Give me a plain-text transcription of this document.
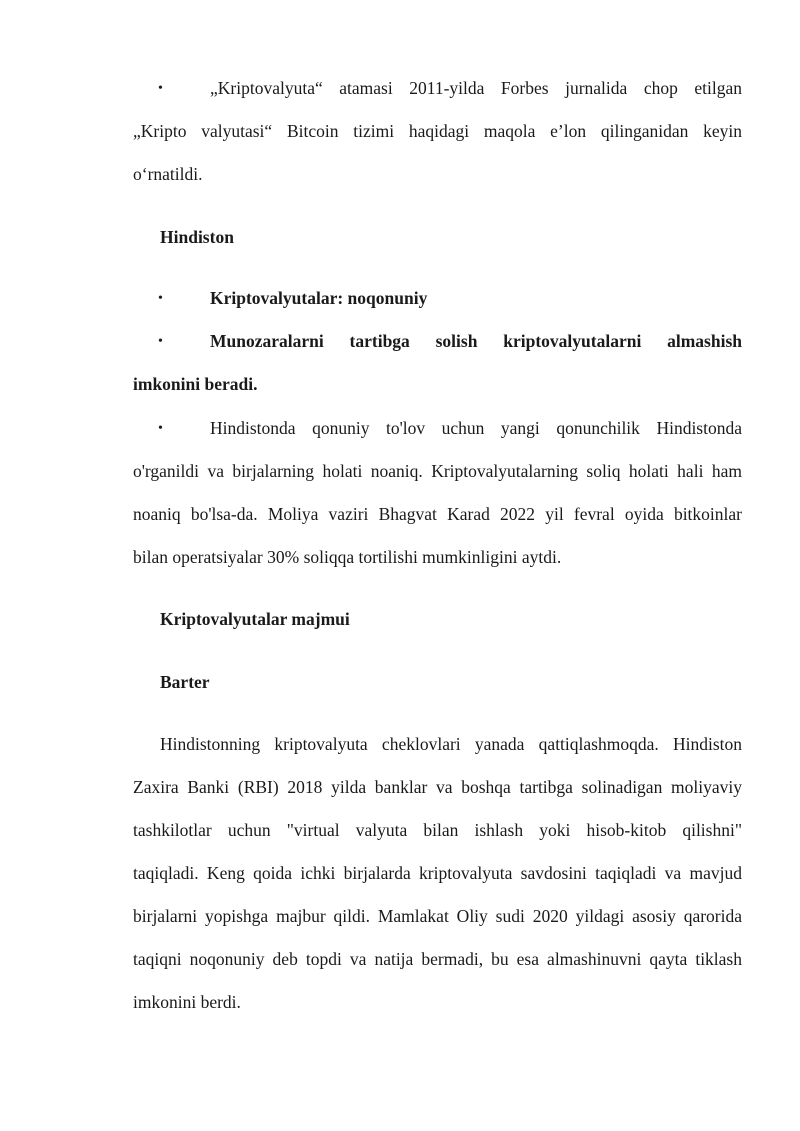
•	„Kriptovalyuta“ atamasi 2011-yilda Forbes jurnalida chop etilgan
„Kripto valyutasi“ Bitcoin tizimi haqidagi maqola e’lon qilinganidan keyin
o‘rnatildi.
Hindiston
•	Kriptovalyutalar: noqonuniy
•	Munozaralarni tartibga solish kriptovalyutalarni almashish
imkonini beradi.
•	Hindistonda qonuniy to'lov uchun yangi qonunchilik Hindistonda
o'rganildi va birjalarning holati noaniq. Kriptovalyutalarning soliq holati hali ham
noaniq bo'lsa-da. Moliya vaziri Bhagvat Karad 2022 yil fevral oyida bitkoinlar
bilan operatsiyalar 30% soliqqa tortilishi mumkinligini aytdi.
Kriptovalyutalar majmui
Barter
Hindistonning kriptovalyuta cheklovlari yanada qattiqlashmoqda. Hindiston
Zaxira Banki (RBI) 2018 yilda banklar va boshqa tartibga solinadigan moliyaviy
tashkilotlar uchun "virtual valyuta bilan ishlash yoki hisob-kitob qilishni"
taqiqladi. Keng qoida ichki birjalarda kriptovalyuta savdosini taqiqladi va mavjud
birjalarni yopishga majbur qildi. Mamlakat Oliy sudi 2020 yildagi asosiy qarorida
taqiqni noqonuniy deb topdi va natija bermadi, bu esa almashinuvni qayta tiklash
imkonini berdi.
